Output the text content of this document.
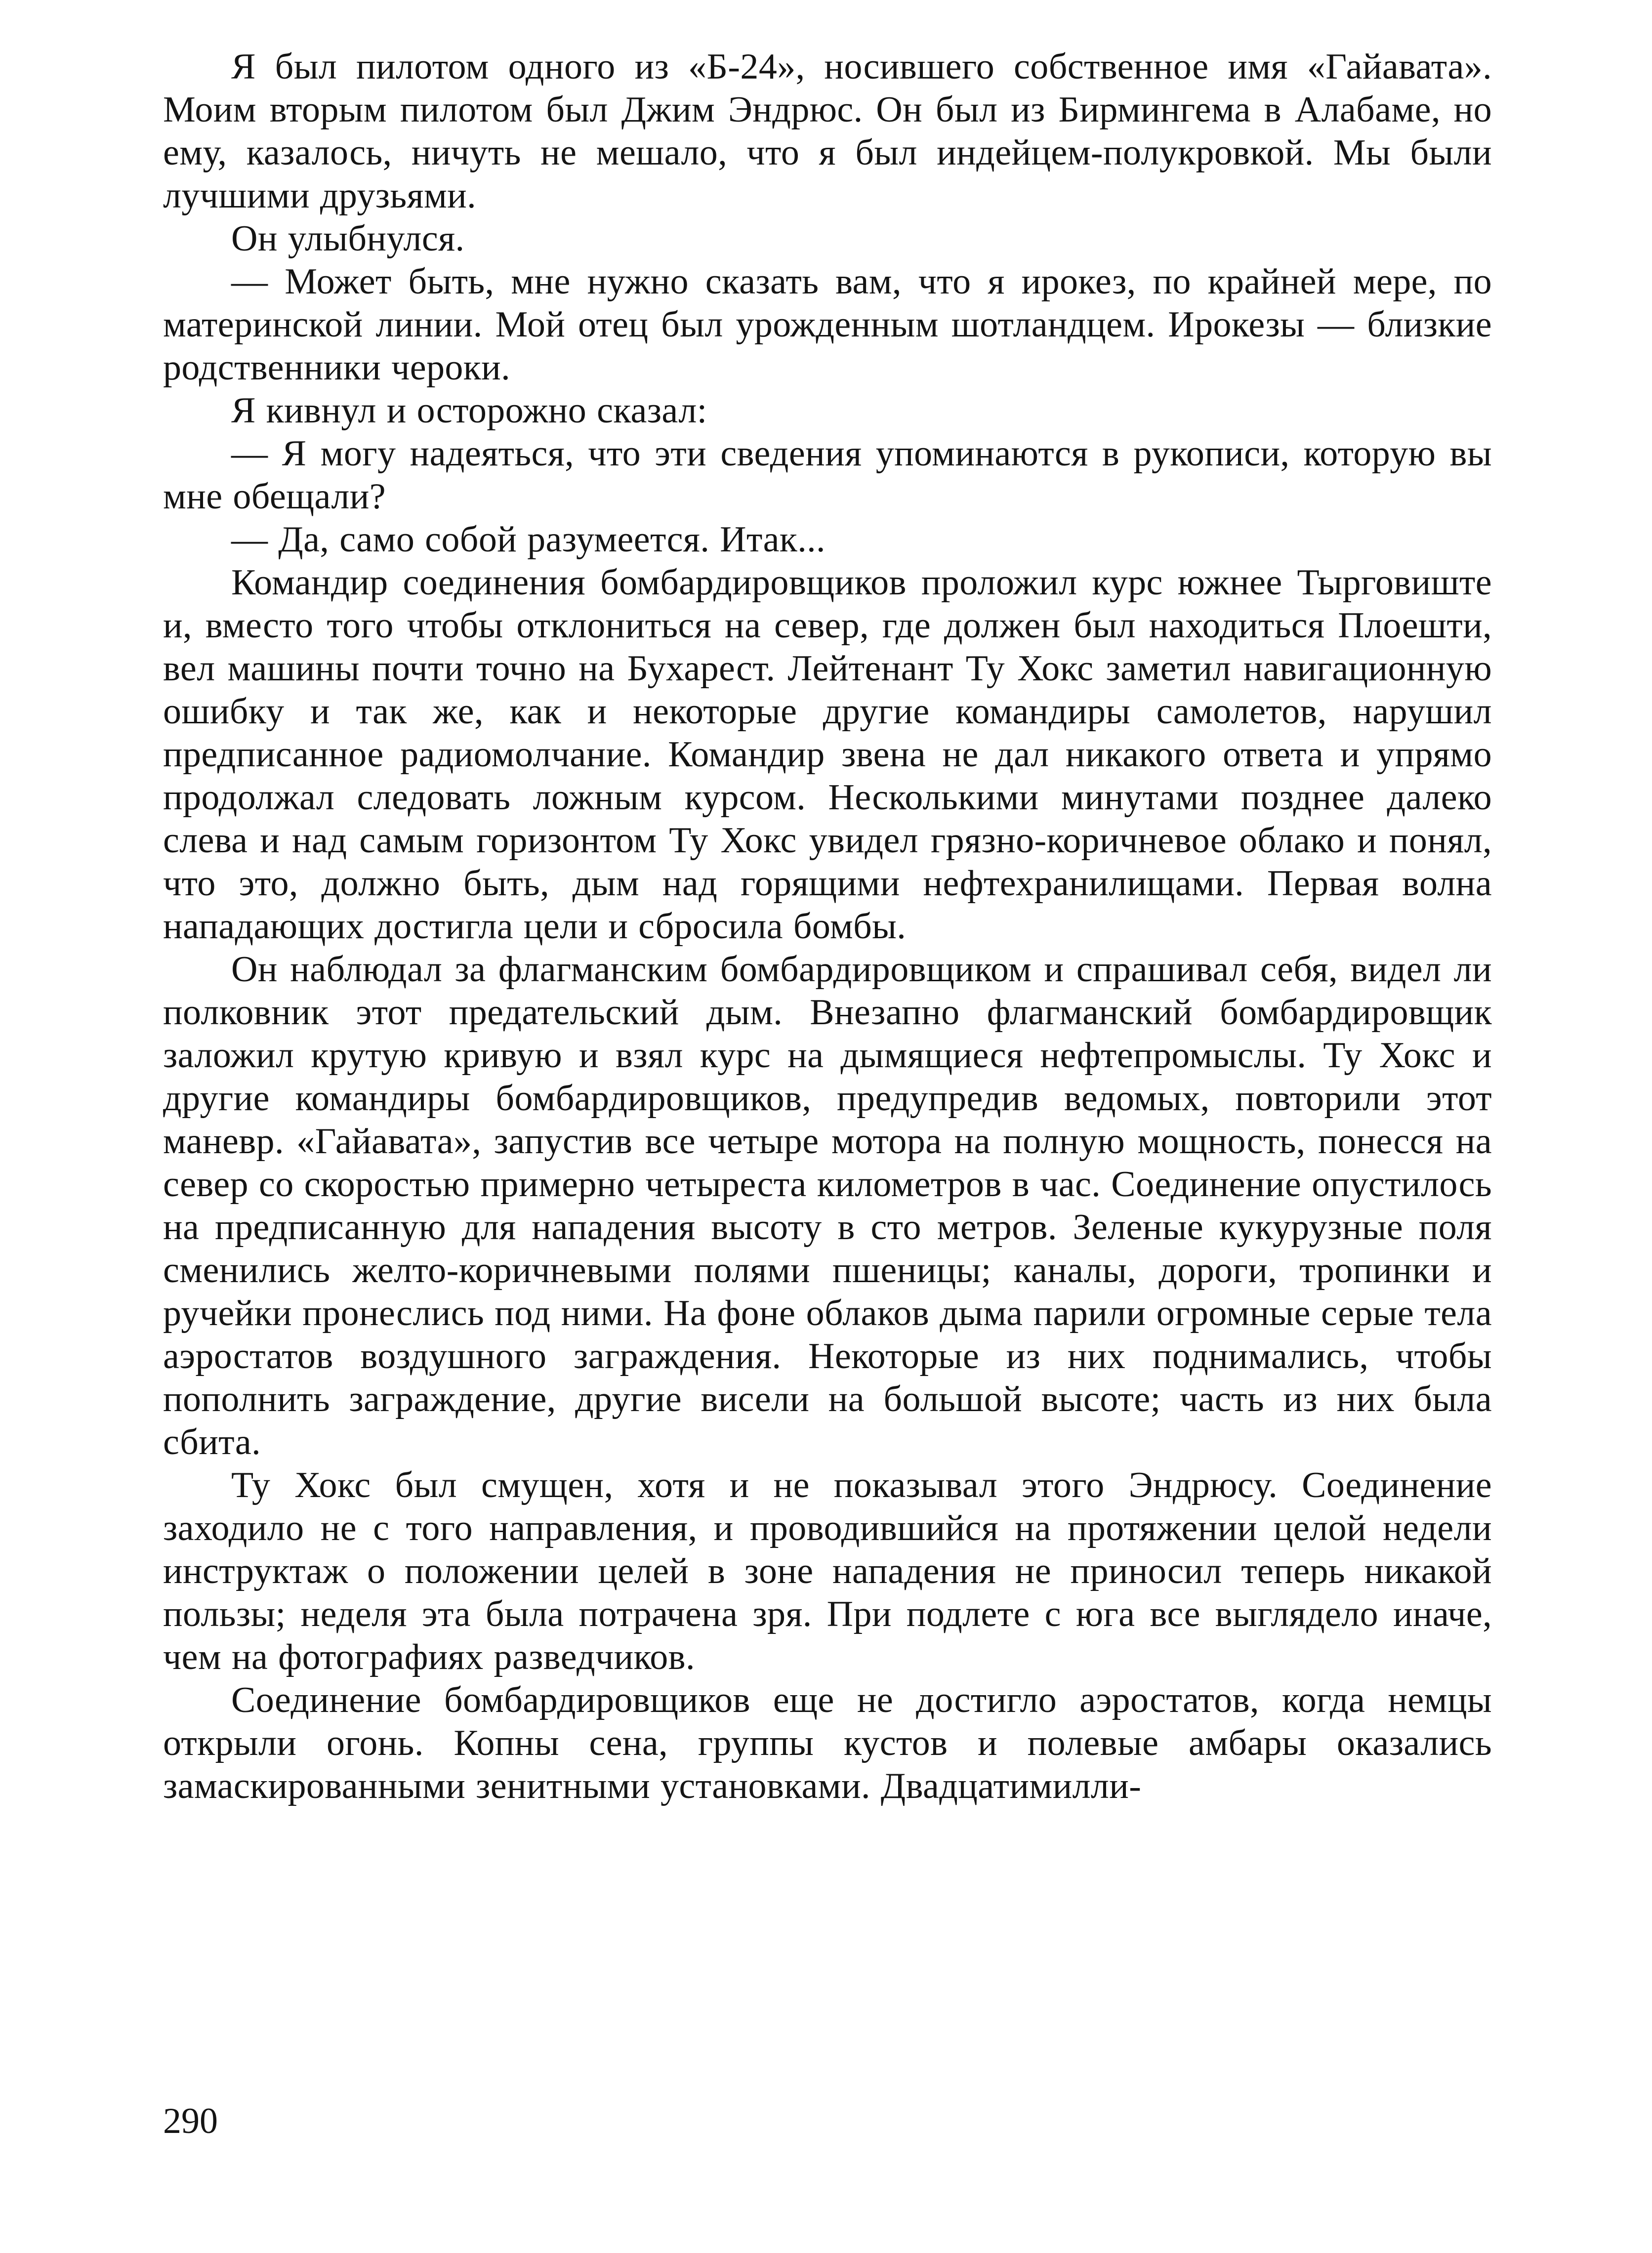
Я был пилотом одного из «Б-24», носившего собственное имя «Гайавата». Моим вторым пилотом был Джим Эндрюс. Он был из Бирмингема в Алабаме, но ему, казалось, ничуть не мешало, что я был индейцем-полукровкой. Мы были лучшими друзьями.

Он улыбнулся.

— Может быть, мне нужно сказать вам, что я ирокез, по крайней мере, по материнской линии. Мой отец был урожденным шотландцем. Ирокезы — близкие родственники чероки.

Я кивнул и осторожно сказал:

— Я могу надеяться, что эти сведения упоминаются в рукописи, которую вы мне обещали?

— Да, само собой разумеется. Итак...

Командир соединения бомбардировщиков проложил курс южнее Тырговиште и, вместо того чтобы отклониться на север, где должен был находиться Плоешти, вел машины почти точно на Бухарест. Лейтенант Ту Хокс заметил навигационную ошибку и так же, как и некоторые другие командиры самолетов, нарушил предписанное радиомолчание. Командир звена не дал никакого ответа и упрямо продолжал следовать ложным курсом. Несколькими минутами позднее далеко слева и над самым горизонтом Ту Хокс увидел грязно-коричневое облако и понял, что это, должно быть, дым над горящими нефтехранилищами. Первая волна нападающих достигла цели и сбросила бомбы.

Он наблюдал за флагманским бомбардировщиком и спрашивал себя, видел ли полковник этот предательский дым. Внезапно флагманский бомбардировщик заложил крутую кривую и взял курс на дымящиеся нефтепромыслы. Ту Хокс и другие командиры бомбардировщиков, предупредив ведомых, повторили этот маневр. «Гайавата», запустив все четыре мотора на полную мощность, понесся на север со скоростью примерно четыреста километров в час. Соединение опустилось на предписанную для нападения высоту в сто метров. Зеленые кукурузные поля сменились желто-коричневыми полями пшеницы; каналы, дороги, тропинки и ручейки пронеслись под ними. На фоне облаков дыма парили огромные серые тела аэростатов воздушного заграждения. Некоторые из них поднимались, чтобы пополнить заграждение, другие висели на большой высоте; часть из них была сбита.

Ту Хокс был смущен, хотя и не показывал этого Эндрюсу. Соединение заходило не с того направления, и проводившийся на протяжении целой недели инструктаж о положении целей в зоне нападения не приносил теперь никакой пользы; неделя эта была потрачена зря. При подлете с юга все выглядело иначе, чем на фотографиях разведчиков.

Соединение бомбардировщиков еще не достигло аэростатов, когда немцы открыли огонь. Копны сена, группы кустов и полевые амбары оказались замаскированными зенитными установками. Двадцатимилли-

290
